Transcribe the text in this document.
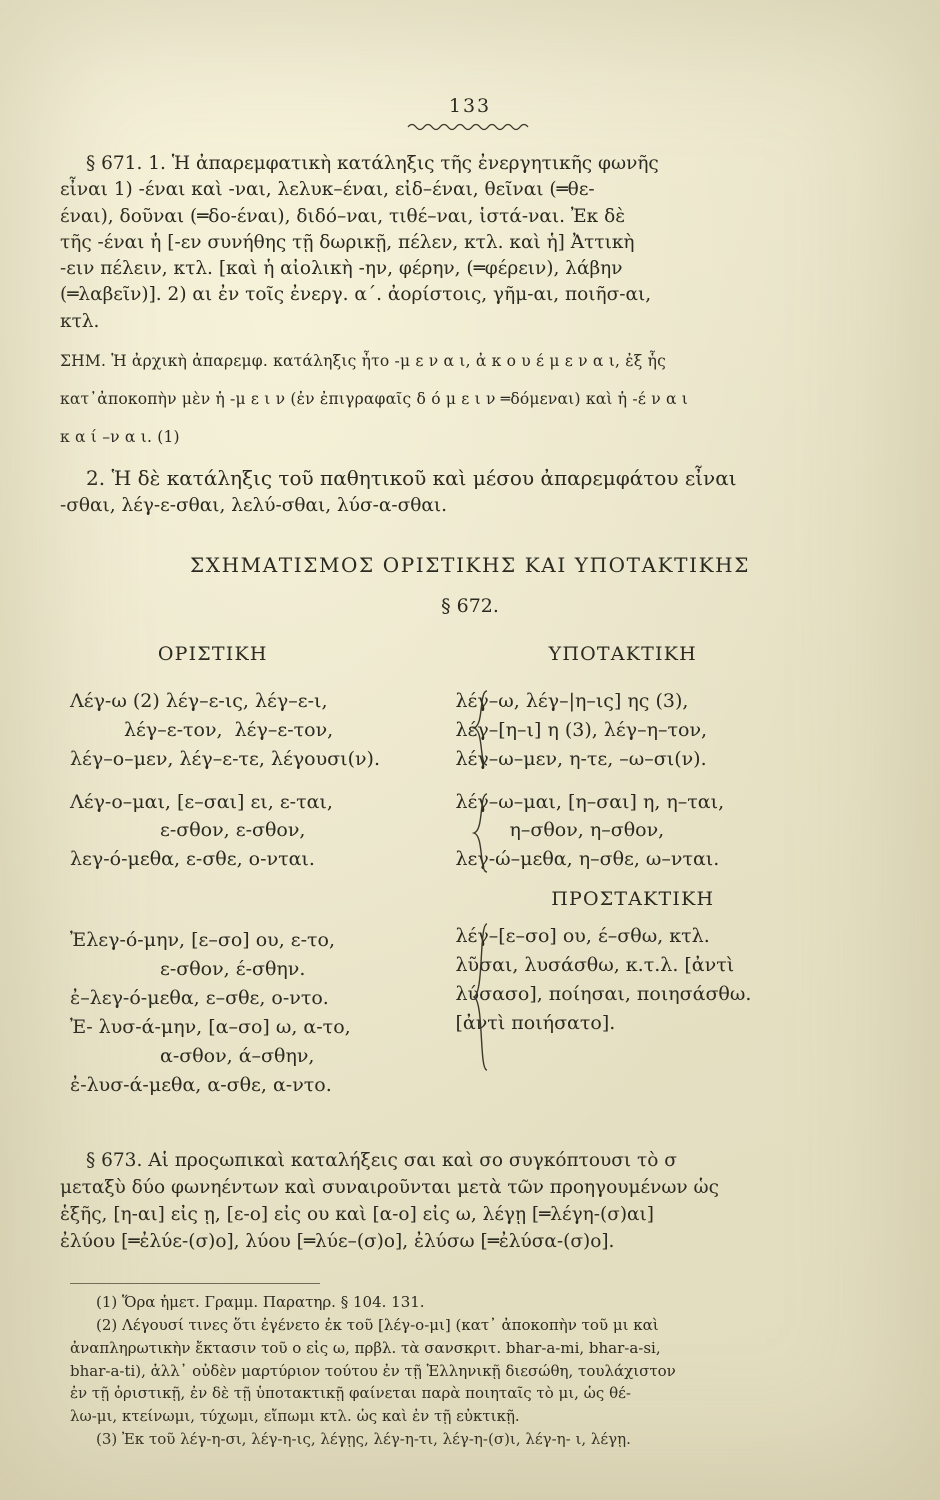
133

§ 671. 1. Ἡ ἀπαρεμφατικὴ κατάληξις τῆς ἐνεργητικῆς φωνῆς

εἶναι 1) -έναι καὶ -ναι, λελυκ–έναι, εἰδ–έναι, θεῖναι (═θε-

έναι), δοῦναι (═δο-έναι), διδό–ναι, τιθέ–ναι, ἱστά-ναι. Ἐκ δὲ

τῆς -έναι ἡ [-εν συνήθης τῇ δωρικῇ, πέλεν, κτλ. καὶ ἡ] Ἀττικὴ

-ειν πέλειν, κτλ. [καὶ ἡ αἰολικὴ -ην, φέρην, (═φέρειν), λάβην

(═λαβεῖν)]. 2) αι ἐν τοῖς ἐνεργ. α΄. ἀορίστοις, γῆμ-αι, ποιῆσ-αι,

κτλ.

ΣΗΜ. Ἡ ἀρχικὴ ἀπαρεμφ. κατάληξις ἦτο -μ ε ν α ι, ἀ κ ο υ έ μ ε ν α ι, ἐξ ἧς

κατ᾽ἀποκοπὴν μὲν ἡ -μ ε ι ν (ἐν ἐπιγραφαῖς δ ό μ ε ι ν ═δόμεναι) καὶ ἡ -έ ν α ι

κ α ί –ν α ι. (1)

2. Ἡ δὲ κατάληξις τοῦ παθητικοῦ καὶ μέσου ἀπαρεμφάτου εἶναι

-σθαι, λέγ-ε-σθαι, λελύ-σθαι, λύσ-α-σθαι.

ΣΧΗΜΑΤΙΣΜΟΣ ΟΡΙΣΤΙΚΗΣ ΚΑΙ ΥΠΟΤΑΚΤΙΚΗΣ
§ 672.
ΟΡΙΣΤΙΚΗ
Λέγ-ω (2) λέγ–ε-ις, λέγ–ε-ι,
λέγ–ε-τον,  λέγ–ε-τον,
λέγ–ο–μεν, λέγ–ε-τε, λέγουσι(ν).
Λέγ-ο–μαι, [ε–σαι] ει, ε-ται,
ε-σθον, ε-σθον,
λεγ-ό-μεθα, ε-σθε, ο-νται.
Ἐλεγ-ό-μην, [ε–σο] ου, ε-το,
ε-σθον, έ-σθην.
ἐ–λεγ-ό-μεθα, ε–σθε, ο-ντο.
Ἐ- λυσ-ά-μην, [α–σο] ω, α-το,
α-σθον, ά–σθην,
ἐ-λυσ-ά-μεθα, α-σθε, α-ντο.
ΥΠΟΤΑΚΤΙΚΗ
λέγ–ω, λέγ–|η–ις] ης (3),
λέγ–[η–ι] η (3), λέγ–η–τον,
λέγ–ω–μεν, η-τε, –ω–σι(ν).
λέγ–ω–μαι, [η–σαι] η, η–ται,
η–σθον, η–σθον,
λεγ-ώ–μεθα, η–σθε, ω–νται.
ΠΡΟΣΤΑΚΤΙΚΗ
λέγ–[ε–σο] ου, έ–σθω, κτλ.
λῦσαι, λυσάσθω, κ.τ.λ. [ἀντὶ
λύσασο], ποίησαι, ποιησάσθω.
[ἀντὶ ποιήσατο].

§ 673. Αἱ προςωπικαὶ καταλήξεις σαι καὶ σο συγκόπτουσι τὸ σ

μεταξὺ δύο φωνηέντων καὶ συναιροῦνται μετὰ τῶν προηγουμένων ὡς

ἑξῆς, [η-αι] εἰς ῃ, [ε-ο] εἰς ου καὶ [α-ο] εἰς ω, λέγῃ [═λέγη-(σ)αι]

ἐλύου [═ἐλύε-(σ)ο], λύου [═λύε–(σ)ο], ἐλύσω [═ἐλύσα-(σ)ο].

(1) Ὅρα ἡμετ. Γραμμ. Παρατηρ. § 104. 131.

(2) Λέγουσί τινες ὅτι ἐγένετο ἐκ τοῦ [λέγ-ο-μι] (κατ᾽ ἀποκοπὴν τοῦ μι καὶ

ἀναπληρωτικὴν ἔκτασιν τοῦ ο εἰς ω, πρβλ. τὰ σανσκριτ. bhar-a-mi, bhar-a-si,

bhar-a-ti), ἀλλ᾽ οὐδὲν μαρτύριον τούτου ἐν τῇ Ἑλληνικῇ διεσώθη, τουλάχιστον

ἐν τῇ ὁριστικῇ, ἐν δὲ τῇ ὑποτακτικῇ φαίνεται παρὰ ποιηταῖς τὸ μι, ὡς θέ-

λω-μι, κτείνωμι, τύχωμι, εἴπωμι κτλ. ὡς καὶ ἐν τῇ εὐκτικῇ.

(3) Ἐκ τοῦ λέγ-η-σι, λέγ-η-ις, λέγῃς, λέγ-η-τι, λέγ-η-(σ)ι, λέγ-η- ι, λέγῃ.
